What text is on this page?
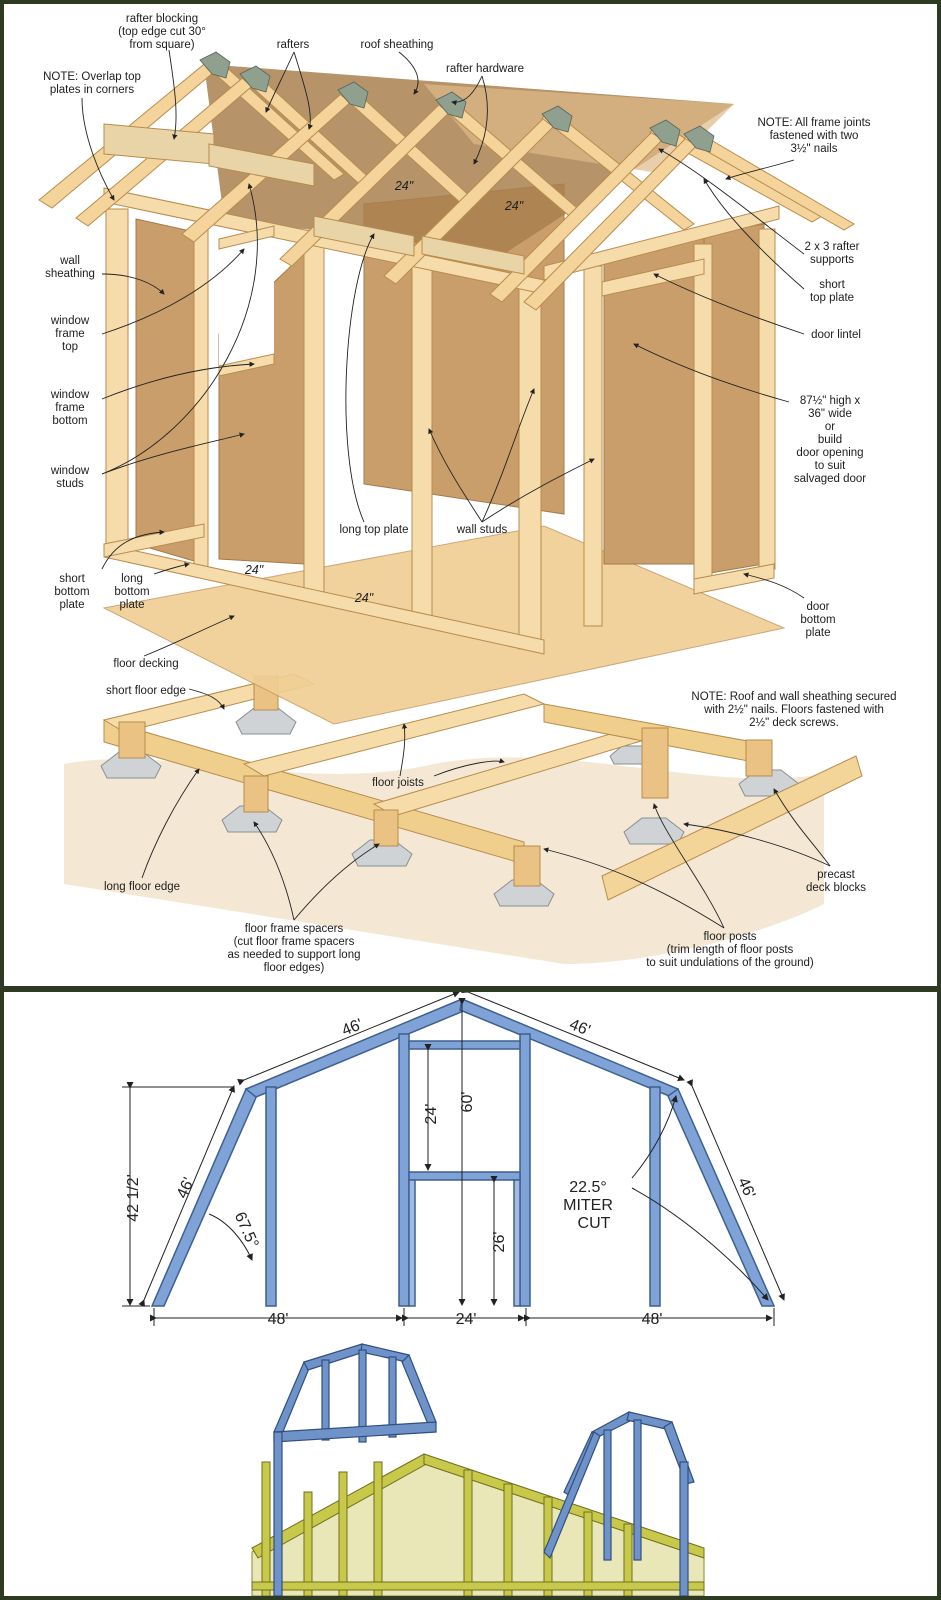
rafter blocking
(top edge cut 30°
from square)	rafters	roof sheathing
rafter hardware
NOTE: Overlap top
plates in corners
NOTE: All frame joints
fastened with two
3½" nails
2 x 3 rafter
supports
short
top plate
door lintel
87½" high x
36" wide
or
build
door opening
to suit
salvaged door
wall
sheathing
window
frame
top
window
frame
bottom
window
studs
long top plate	wall studs
short
bottom
plate
long
bottom
plate	door
bottom
plate
floor decking
short floor edge	NOTE: Roof and wall sheathing secured
with 2½" nails. Floors fastened with
2½" deck screws.
floor joists
precast
deck blocks
long floor edge
floor frame spacers
(cut floor frame spacers
as needed to support long
floor edges)
floor posts
(trim length of floor posts
to suit undulations of the ground)
24"
24"
24"
24"
46'	46'
46'	46'
42 1/2'
67.5°
24'
26'
60'
22.5°
MITER
CUT
48'	24'	48'
